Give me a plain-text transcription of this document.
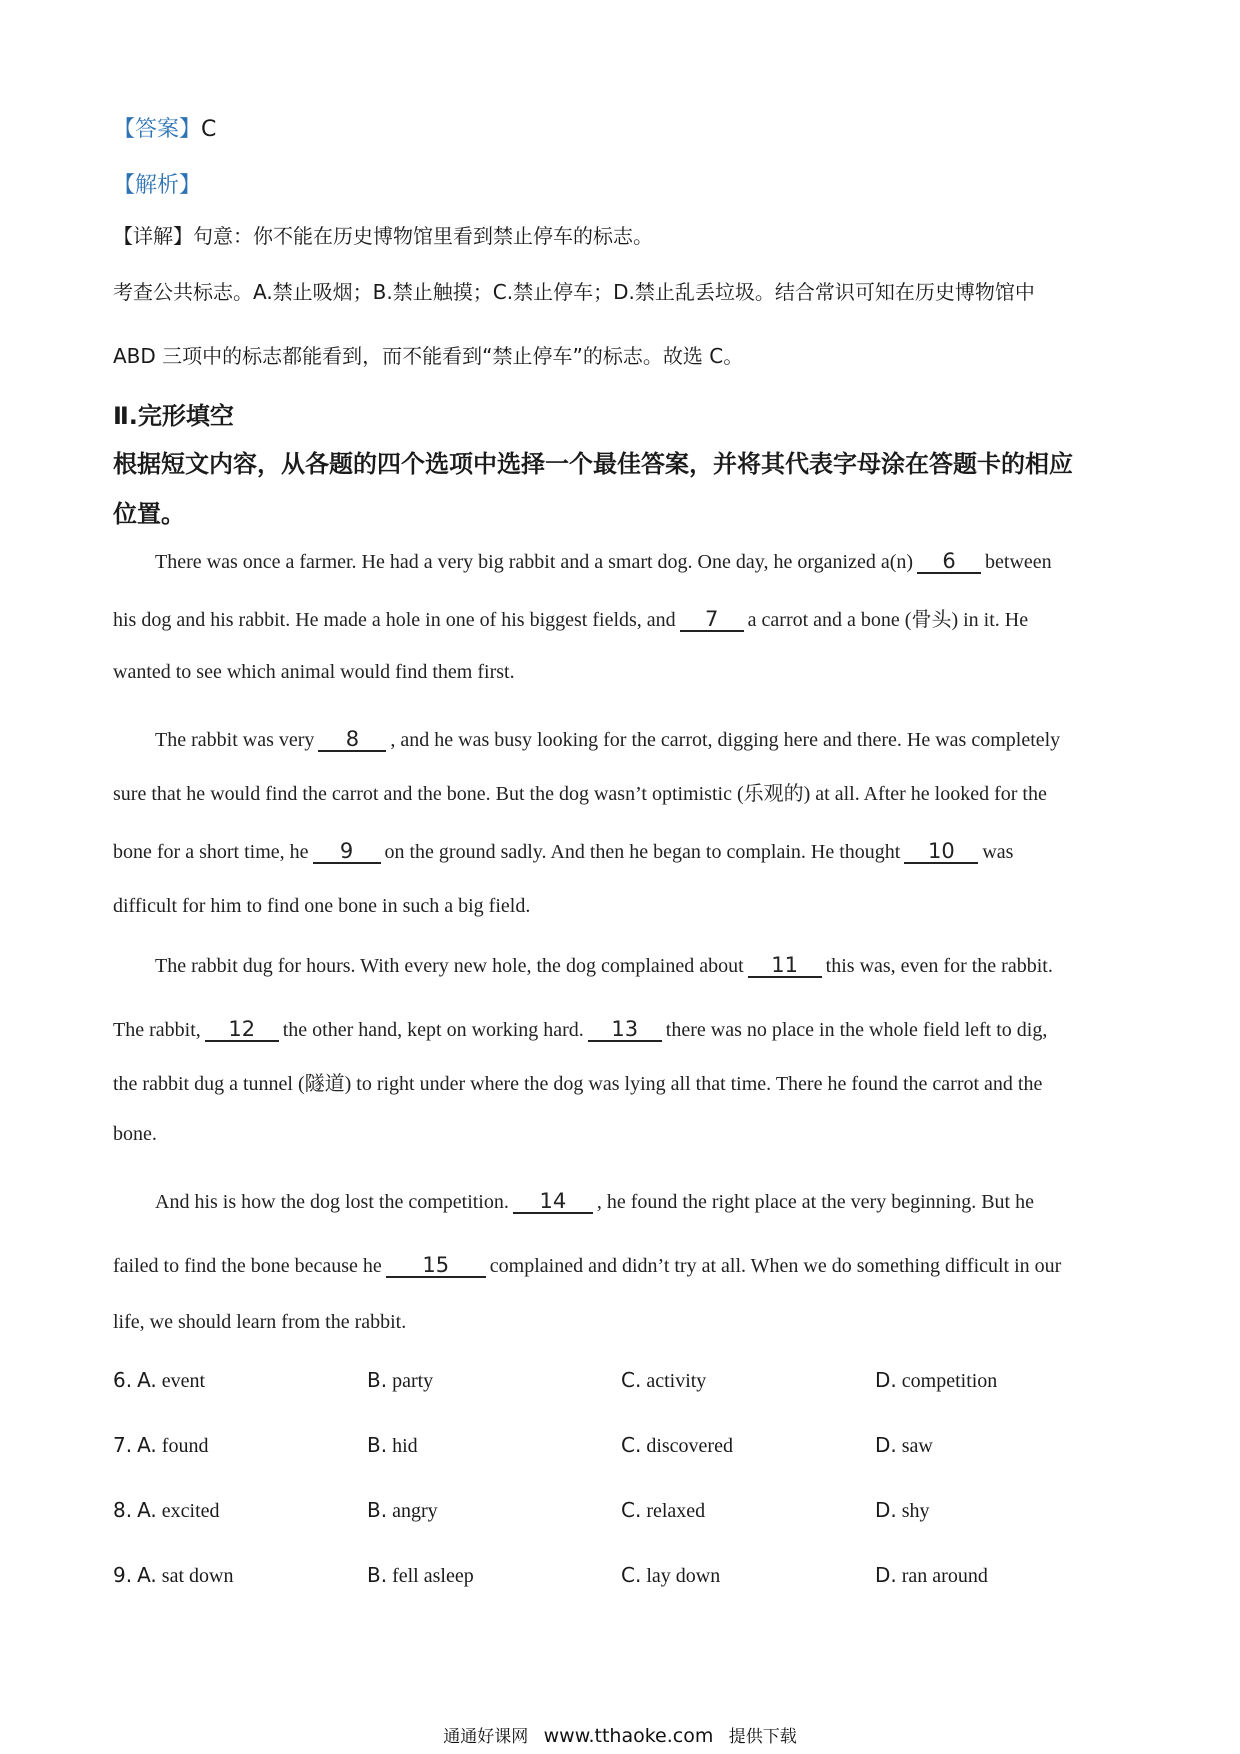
【答案】C
【解析】
【详解】句意：你不能在历史博物馆里看到禁止停车的标志。
考查公共标志。A.禁止吸烟；B.禁止触摸；C.禁止停车；D.禁止乱丢垃圾。结合常识可知在历史博物馆中
ABD 三项中的标志都能看到，而不能看到“禁止停车”的标志。故选 C。
Ⅱ.完形填空
根据短文内容，从各题的四个选项中选择一个最佳答案，并将其代表字母涂在答题卡的相应
位置。
There was once a farmer. He had a very big rabbit and a smart dog. One day, he organized a(n) 6 between
his dog and his rabbit. He made a hole in one of his biggest fields, and 7 a carrot and a bone (骨头) in it. He
wanted to see which animal would find them first.
The rabbit was very 8 , and he was busy looking for the carrot, digging here and there. He was completely
sure that he would find the carrot and the bone. But the dog wasn’t optimistic (乐观的) at all. After he looked for the
bone for a short time, he 9 on the ground sadly. And then he began to complain. He thought 10 was
difficult for him to find one bone in such a big field.
The rabbit dug for hours. With every new hole, the dog complained about 11 this was, even for the rabbit.
The rabbit, 12 the other hand, kept on working hard. 13 there was no place in the whole field left to dig,
the rabbit dug a tunnel (隧道) to right under where the dog was lying all that time. There he found the carrot and the
bone.
And his is how the dog lost the competition. 14 , he found the right place at the very beginning. But he
failed to find the bone because he 15 complained and didn’t try at all. When we do something difficult in our
life, we should learn from the rabbit.
6. A. event	B. party	C. activity	D. competition
7. A. found	B. hid	C. discovered	D. saw
8. A. excited	B. angry	C. relaxed	D. shy
9. A. sat down	B. fell asleep	C. lay down	D. ran around
通通好课网 www.tthaoke.com 提供下载
